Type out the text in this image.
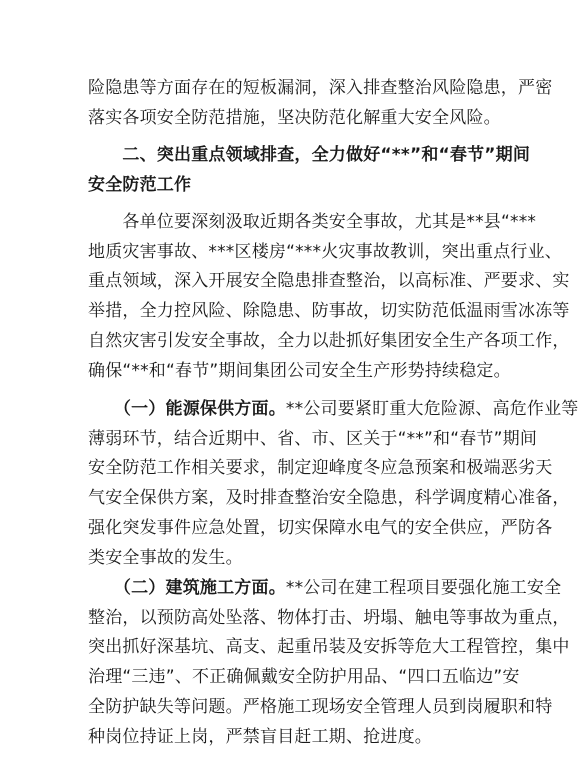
险隐患等方面存在的短板漏洞，深入排查整治风险隐患，严密
落实各项安全防范措施，坚决防范化解重大安全风险。

　　二、突出重点领域排查，全力做好“**”和“春节”期间
安全防范工作

　　各单位要深刻汲取近期各类安全事故，尤其是**县“***
地质灾害事故、***区楼房“***火灾事故教训，突出重点行业、
重点领域，深入开展安全隐患排查整治，以高标准、严要求、实
举措，全力控风险、除隐患、防事故，切实防范低温雨雪冰冻等
自然灾害引发安全事故，全力以赴抓好集团安全生产各项工作，
确保“**和“春节”期间集团公司安全生产形势持续稳定。

　　（一）能源保供方面。**公司要紧盯重大危险源、高危作业等
薄弱环节，结合近期中、省、市、区关于“**”和“春节”期间
安全防范工作相关要求，制定迎峰度冬应急预案和极端恶劣天
气安全保供方案，及时排查整治安全隐患，科学调度精心准备，
强化突发事件应急处置，切实保障水电气的安全供应，严防各
类安全事故的发生。

　　（二）建筑施工方面。**公司在建工程项目要强化施工安全
整治，以预防高处坠落、物体打击、坍塌、触电等事故为重点，
突出抓好深基坑、高支、起重吊装及安拆等危大工程管控，集中
治理“三违”、不正确佩戴安全防护用品、“四口五临边”安
全防护缺失等问题。严格施工现场安全管理人员到岗履职和特
种岗位持证上岗，严禁盲目赶工期、抢进度。
